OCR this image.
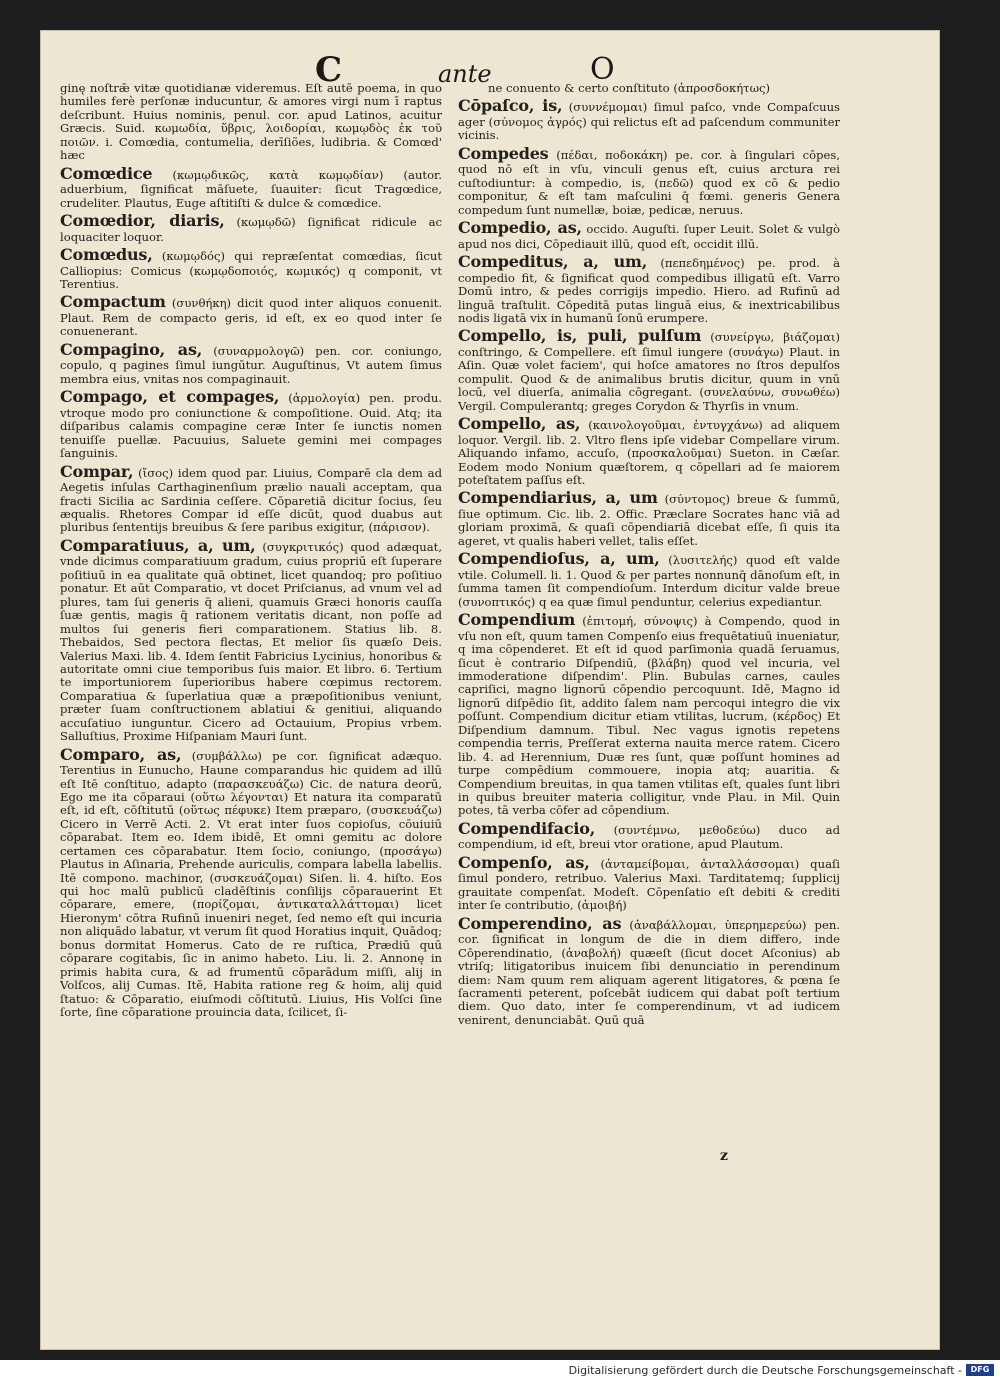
C	ante	O

ginę noſtrǣ vitæ quotidianæ videremus. Eſt autē poema, in quo humiles ferè perſonæ inducuntur, & amores virgi num ī raptus deſcribunt. Huius nominis, penul. cor. apud Latinos, acuitur Græcis. Suid. κωμωδία, ὕβρις, λοιδορίαι, κωμῳδὸς ἐκ τοῦ ποιῶν. i. Comœdia, contumelia, derīſiões, ludibria. & Comœd' hæc

Comœdice (κωμῳδικῶς, κατὰ κωμῳδίαν) (autor. aduerbium, ſignificat māſuete, ſuauiter: ſicut Tragœdice, crudeliter. Plautus, Euge aſtitiſti & dulce & comœdice.

Comœdior, diaris, (κωμῳδῶ) ſignificat ridicule ac loquaciter loquor.

Comœdus, (κωμῳδός) qui repræſentat comœdias, ſicut Calliopius: Comicus (κωμῳδοποιός, κωμικός) q componit, vt Terentius.

Compactum (συνθήκη) dicit quod inter aliquos conuenit. Plaut. Rem de compacto geris, id eſt, ex eo quod inter ſe conuenerant.

Compagino, as, (συναρμολογῶ) pen. cor. coniungo, copulo, q pagines ſimul iungūtur. Auguſtinus, Vt autem ſimus membra eius, vnitas nos compaginauit.

Compago, et compages, (ἁρμολογία) pen. produ. vtroque modo pro coniunctione & compoſitione. Ouid. Atq; ita diſparibus calamis compagine ceræ Inter ſe iunctis nomen tenuiſſe puellæ. Pacuuius, Saluete gemini mei compages ſanguinis.

Compar, (ἴσος) idem quod par. Liuius, Comparē cla dem ad Aegetis inſulas Carthaginenſium prælio nauali acceptam, qua fracti Sicilia ac Sardinia ceſſere. Cōparetiā dicitur ſocius, ſeu æqualis. Rhetores Compar id eſſe dicūt, quod duabus aut pluribus ſententijs breuibus & ſere paribus exigitur, (πάρισον).

Comparatiuus, a, um, (συγκριτικός) quod adæquat, vnde dicimus comparatiuum gradum, cuius propriū eſt ſuperare poſitiuū in ea qualitate quā obtinet, licet quandoq; pro poſitiuo ponatur. Et aūt Comparatio, vt docet Priſcianus, ad vnum vel ad plures, tam ſui generis q̄ alieni, quamuis Græci honoris cauſſa ſuæ gentis, magis q̄ rationem veritatis dicant, non poſſe ad multos ſui generis fieri comparationem. Statius lib. 8. Thebaidos, Sed pectora flectas, Et melior ſis quæſo Deis. Valerius Maxi. lib. 4. Idem ſentit Fabricius Lycinius, honoribus & autoritate omni ciue temporibus ſuis maior. Et libro. 6. Tertium te importuniorem ſuperioribus habere cœpimus rectorem. Comparatiua & ſuperlatiua quæ a præpoſitionibus veniunt, præter ſuam conſtructionem ablatiui & genitiui, aliquando accuſatiuo iunguntur. Cicero ad Octauium, Propius vrbem. Salluſtius, Proxime Hiſpaniam Mauri ſunt.

Comparo, as, (συμβάλλω) pe cor. ſignificat adæquo. Terentius in Eunucho, Haune comparandus hic quidem ad illū eſt Itē conſtituo, adapto (παρασκευάζω) Cic. de natura deorū, Ego me ita cōparaui (οὕτω λέγονται) Et natura ita comparatū eſt, id eſt, cōſtitutū (οὕτως πέφυκε) Item præparo, (συσκευάζω) Cicero in Verrē Acti. 2. Vt erat inter ſuos copioſus, cōuiuiū cōparabat. Item eo. Idem ibidē, Et omni gemitu ac dolore certamen ces cōparabatur. Item ſocio, coniungo, (προσάγω) Plautus in Aſinaria, Prehende auriculis, compara labella labellis. Itē compono. machinor, (συσκευάζομαι) Siſen. li. 4. hiſto. Eos qui hoc malū publicū cladēſtinis conſilijs cōparauerint Et cōparare, emere, (πορίζομαι, ἀντικαταλλάττομαι) licet Hieronym' cōtra Rufinū inueniri neget, ſed nemo eſt qui incuria non aliquādo labatur, vt verum ſit quod Horatius inquit, Quādoq; bonus dormitat Homerus. Cato de re ruſtica, Prædiū quū cōparare cogitabis, ſic in animo habeto. Liu. li. 2. Annonę in primis habita cura, & ad frumentū cōparādum miſſi, alij in Volſcos, alij Cumas. Itē, Habita ratione reg & hoim, alij quid ſtatuo: & Cōparatio, eiuſmodi cōſtitutū. Liuius, His Volſci ſine ſorte, ſine cōparatione prouincia data, ſcilicet, ſi-

ne conuento & certo conſtituto (ἀπροσδοκήτως)

Cōpaſco, is, (συννέμομαι) ſimul paſco, vnde Compaſcuus ager (σύνομος ἀγρός) qui relictus eſt ad paſcendum communiter vicinis.

Compedes (πέδαι, ποδοκάκη) pe. cor. à ſingulari cōpes, quod nō eſt in vſu, vinculi genus eſt, cuius arctura rei cuſtodiuntur: à compedio, is, (πεδῶ) quod ex cō & pedio componitur, & eſt tam maſculini q̄ fœmi. generis Genera compedum ſunt numellæ, boiæ, pedicæ, neruus.

Compedio, as, occido. Auguſti. ſuper Leuit. Solet & vulgò apud nos dici, Cōpediauit illū, quod eſt, occidit illū.

Compeditus, a, um, (πεπεδημένος) pe. prod. à compedio fit, & ſignificat quod compedibus illigatū eſt. Varro Domū intro, & pedes corrigijs impedio. Hiero. ad Rufinū ad linguā traſtulit. Cōpeditā putas linguā eius, & inextricabilibus nodis ligatā vix in humanū ſonū erumpere.

Compello, is, puli, pulſum (συνείργω, βιάζομαι) conſtringo, & Compellere. eſt ſimul iungere (συνάγω) Plaut. in Aſin. Quæ volet faciem', qui hoſce amatores no ſtros depulſos compulit. Quod & de animalibus brutis dicitur, quum in vnū locū, vel diuerſa, animalia cōgregant. (συνελαύνω, συνωθέω) Vergil. Compulerantq; greges Corydon & Thyrſis in vnum.

Compello, as, (καινολογοῦμαι, ἐντυγχάνω) ad aliquem loquor. Vergil. lib. 2. Vltro flens ipſe videbar Compellare virum. Aliquando infamo, accuſo, (προσκαλοῦμαι) Sueton. in Cæſar. Eodem modo Nonium quæſtorem, q cōpellari ad ſe maiorem poteſtatem paſſus eſt.

Compendiarius, a, um (σύντομος) breue & ſummū, ſiue optimum. Cic. lib. 2. Offic. Præclare Socrates hanc viā ad gloriam proximā, & quaſi cōpendiariā dicebat eſſe, ſi quis ita ageret, vt qualis haberi vellet, talis eſſet.

Compendioſus, a, um, (λυσιτελής) quod eſt valde vtile. Columell. li. 1. Quod & per partes nonnunq̄ dānoſum eſt, in ſumma tamen ſit compendioſum. Interdum dicitur valde breue (συνοπτικός) q ea quæ ſimul penduntur, celerius expediantur.

Compendium (ἐπιτομή, σύνοψις) à Compendo, quod in vſu non eſt, quum tamen Compenſo eius frequētatiuū inueniatur, q ima cōpenderet. Et eſt id quod parſimonia quadā ſeruamus, ſicut è contrario Diſpendiū, (βλάβη) quod vel incuria, vel immoderatione diſpendim'. Plin. Bubulas carnes, caules capriſici, magno lignorū cōpendio percoquunt. Idē, Magno id lignorū diſpēdio ſit, addito ſalem nam percoqui integro die vix poſſunt. Compendium dicitur etiam vtilitas, lucrum, (κέρδος) Et Diſpendium damnum. Tibul. Nec vagus ignotis repetens compendia terris, Preſſerat externa nauita merce ratem. Cicero lib. 4. ad Herennium, Duæ res ſunt, quæ poſſunt homines ad turpe compēdium commouere, inopia atq; auaritia. & Compendium breuitas, in qua tamen vtilitas eſt, quales ſunt libri in quibus breuiter materia colligitur, vnde Plau. in Mil. Quin potes, tā verba cōfer ad cōpendium.

Compendifacio, (συντέμνω, μεθοδεύω) duco ad compendium, id eſt, breui vtor oratione, apud Plautum.

Compenſo, as, (ἀνταμείβομαι, ἀνταλλάσσομαι) quaſi ſimul pondero, retribuo. Valerius Maxi. Tarditatemq; ſupplicij grauitate compenſat. Modeſt. Cōpenſatio eſt debiti & crediti inter ſe contributio, (ἀμοιβή)

Comperendino, as (ἀναβάλλομαι, ὑπερημερεύω) pen. cor. ſignificat in longum de die in diem differo, inde Cōperendinatio, (ἀναβολή) quæeſt (ſicut docet Aſconius) ab vtriſq; litigatoribus inuicem ſibi denunciatio in perendinum diem: Nam quum rem aliquam agerent litigatores, & pœna ſe ſacramenti peterent, poſcebāt iudicem qui dabat poſt tertium diem. Quo dato, inter ſe comperendinum, vt ad iudicem venirent, denunciabāt. Quū quā

z
Digitalisierung gefördert durch die Deutsche Forschungsgemeinschaft -	DFG
